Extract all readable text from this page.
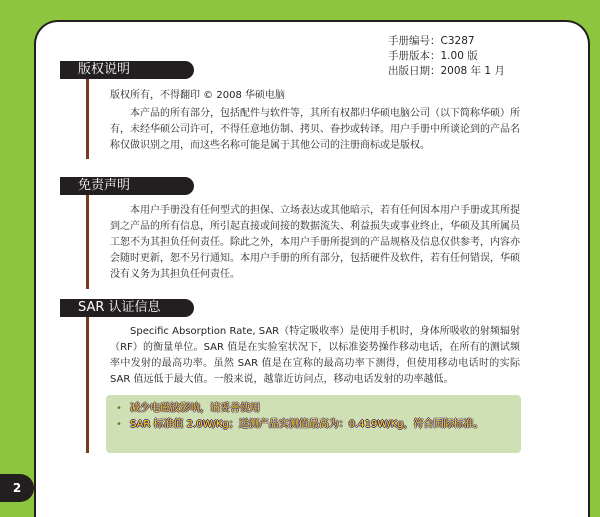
手册编号：C3287
手册版本：1.00 版
出版日期：2008 年 1 月
版权说明

版权所有，不得翻印 © 2008 华硕电脑

本产品的所有部分，包括配件与软件等，其所有权都归华硕电脑公司（以下简称华硕）所有，未经华硕公司许可，不得任意地仿制、拷贝、眷抄或转译。用户手册中所谈论到的产品名称仅做识别之用，而这些名称可能是属于其他公司的注册商标或是版权。

免责声明

本用户手册没有任何型式的担保、立场表达或其他暗示，若有任何因本用户手册或其所提到之产品的所有信息，所引起直接或间接的数据流失、利益损失或事业终止，华硕及其所属员工恕不为其担负任何责任。除此之外，本用户手册所提到的产品规格及信息仅供参考，内容亦会随时更新，恕不另行通知。本用户手册的所有部分，包括硬件及软件，若有任何错误，华硕没有义务为其担负任何责任。

SAR 认证信息

Specific Absorption Rate, SAR（特定吸收率）是使用手机时，身体所吸收的射频辐射（RF）的衡量单位。SAR 值是在实验室状况下，以标准姿势操作移动电话，在所有的测试频率中发射的最高功率。虽然 SAR 值是在宣称的最高功率下测得，但使用移动电话时的实际 SAR 值远低于最大值。一般来说，越靠近访问点，移动电话发射的功率越低。

• 减少电磁波影响，请妥善使用
• SAR 标准值 2.0W/Kg；送测产品实测值最高为：0.419W/Kg，符合国际标准。
2
